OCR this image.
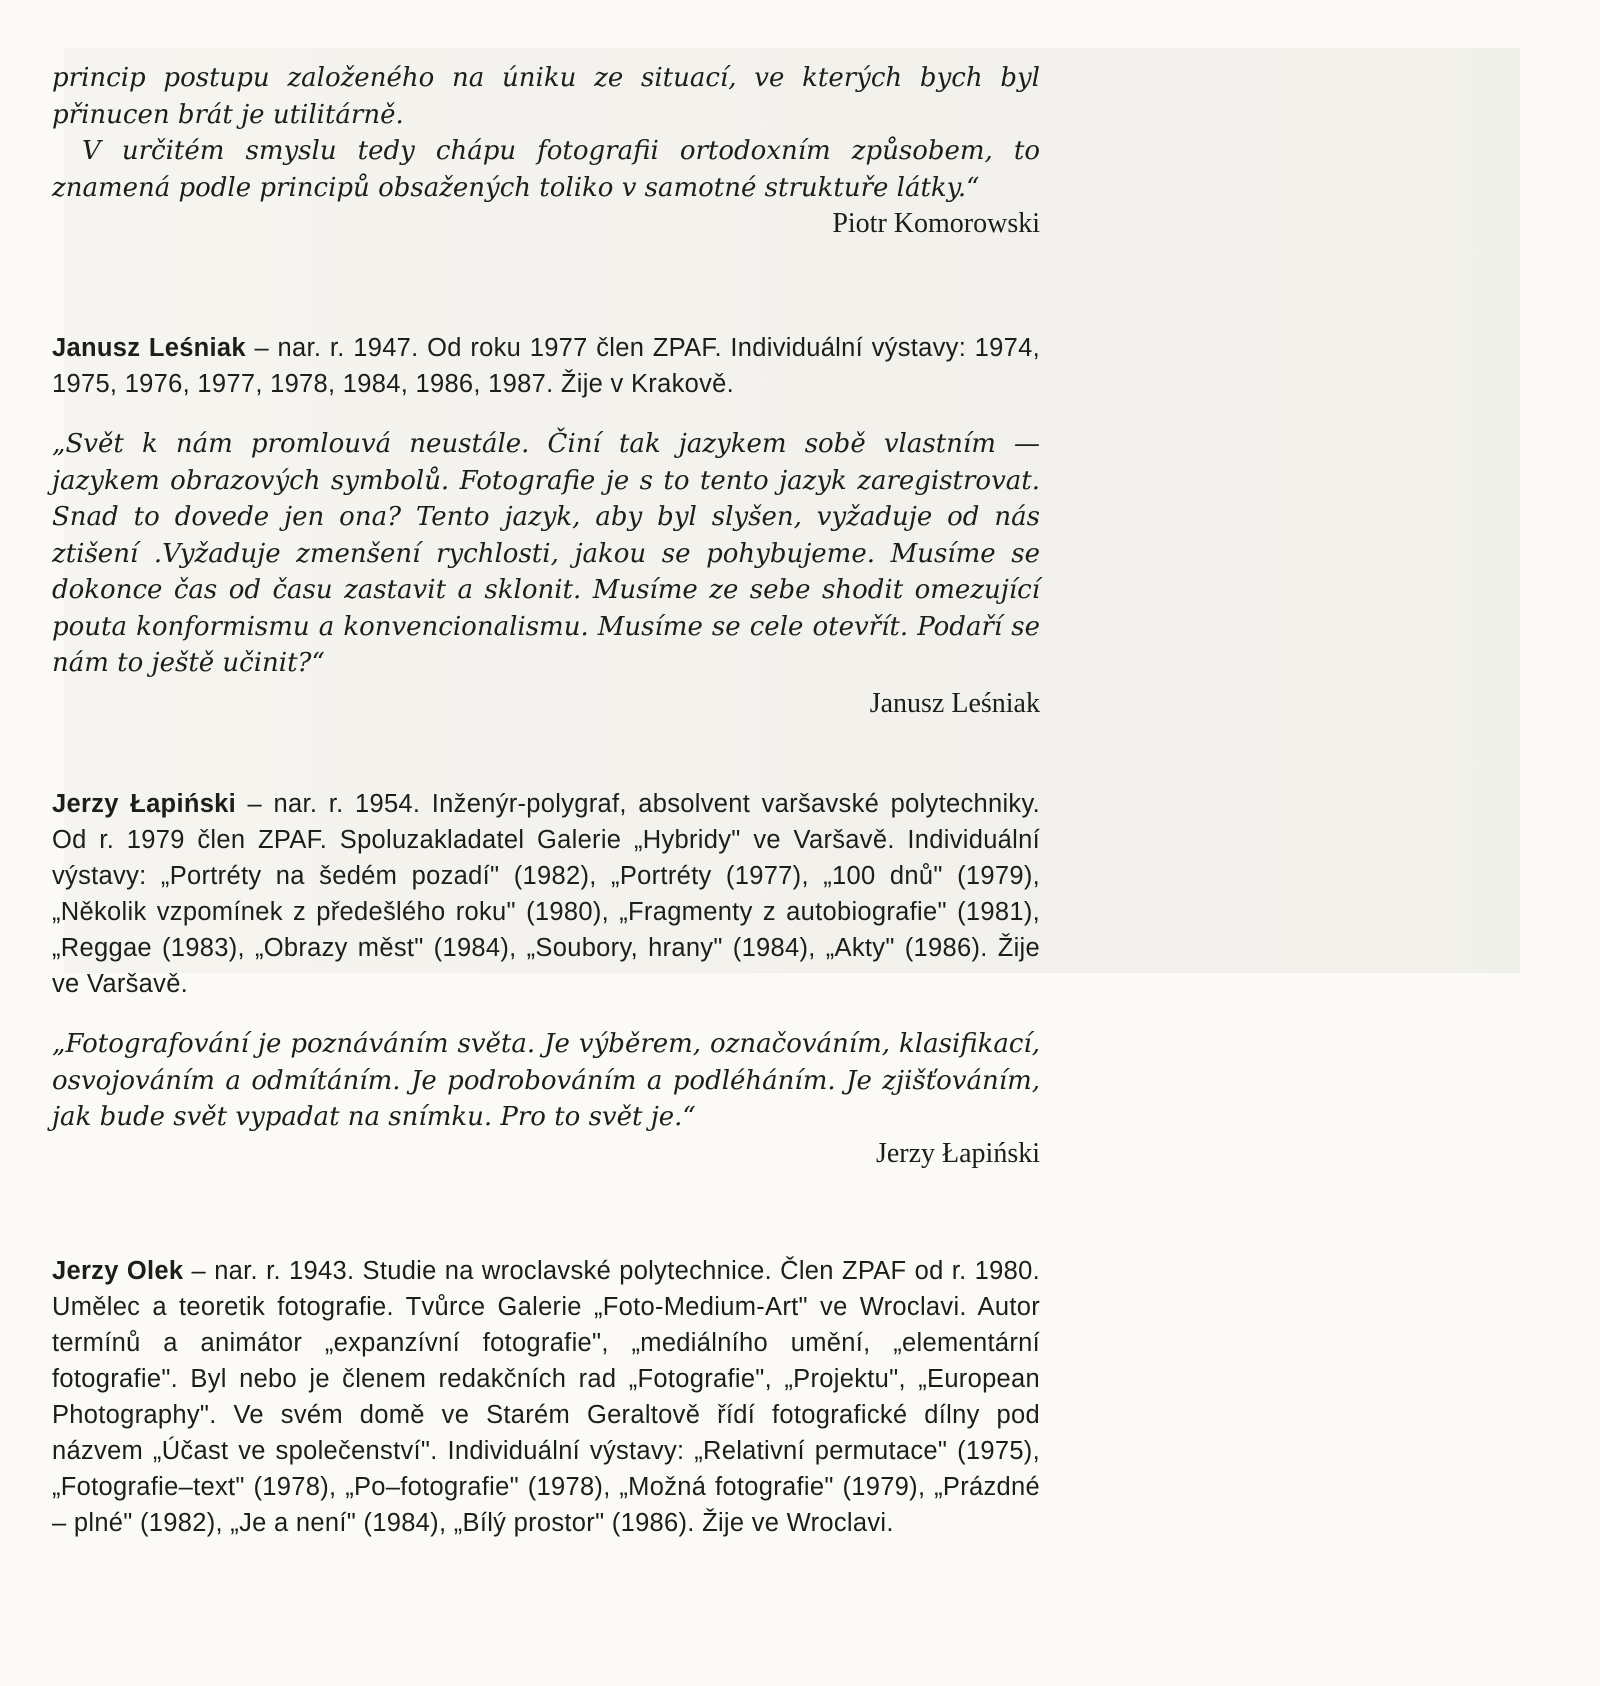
princip postupu založeného na úniku ze situací, ve kterých bych byl přinucen brát je utilitárně.

V určitém smyslu tedy chápu fotografii ortodoxním způsobem, to znamená podle principů obsažených toliko v samotné struktuře látky.“

Piotr Komorowski

Janusz Leśniak – nar. r. 1947. Od roku 1977 člen ZPAF. Individuální výstavy: 1974, 1975, 1976, 1977, 1978, 1984, 1986, 1987. Žije v Krakově.

„Svět k nám promlouvá neustále. Činí tak jazykem sobě vlastním — jazykem obrazových symbolů. Fotografie je s to tento jazyk zaregistrovat. Snad to dovede jen ona? Tento jazyk, aby byl slyšen, vyžaduje od nás ztišení .Vyžaduje zmenšení rychlosti, jakou se pohybujeme. Musíme se dokonce čas od času zastavit a sklonit. Musíme ze sebe shodit omezující pouta konformismu a konvencionalismu. Musíme se cele otevřít. Podaří se nám to ještě učinit?“

Janusz Leśniak

Jerzy Łapiński – nar. r. 1954. Inženýr-polygraf, absolvent varšavské polytechniky. Od r. 1979 člen ZPAF. Spoluzakladatel Galerie „Hybridy" ve Varšavě. Individuální výstavy: „Portréty na šedém pozadí" (1982), „Portréty (1977), „100 dnů" (1979), „Několik vzpomínek z předešlého roku" (1980), „Fragmenty z autobiografie" (1981), „Reggae (1983), „Obrazy měst" (1984), „Soubory, hrany" (1984), „Akty" (1986). Žije ve Varšavě.

„Fotografování je poznáváním světa. Je výběrem, označováním, klasifikací, osvojováním a odmítáním. Je podrobováním a podléháním. Je zjišťováním, jak bude svět vypadat na snímku. Pro to svět je.“

Jerzy Łapiński

Jerzy Olek – nar. r. 1943. Studie na wroclavské polytechnice. Člen ZPAF od r. 1980. Umělec a teoretik fotografie. Tvůrce Galerie „Foto-Medium-Art" ve Wroclavi. Autor termínů a animátor „expanzívní fotografie", „mediálního umění, „elementární fotografie". Byl nebo je členem redakčních rad „Fotografie", „Projektu", „European Photography". Ve svém domě ve Starém Geraltově řídí fotografické dílny pod názvem „Účast ve společenství". Individuální výstavy: „Relativní permutace" (1975), „Fotografie–text" (1978), „Po–fotografie" (1978), „Možná fotografie" (1979), „Prázdné – plné" (1982), „Je a není" (1984), „Bílý prostor" (1986). Žije ve Wroclavi.
